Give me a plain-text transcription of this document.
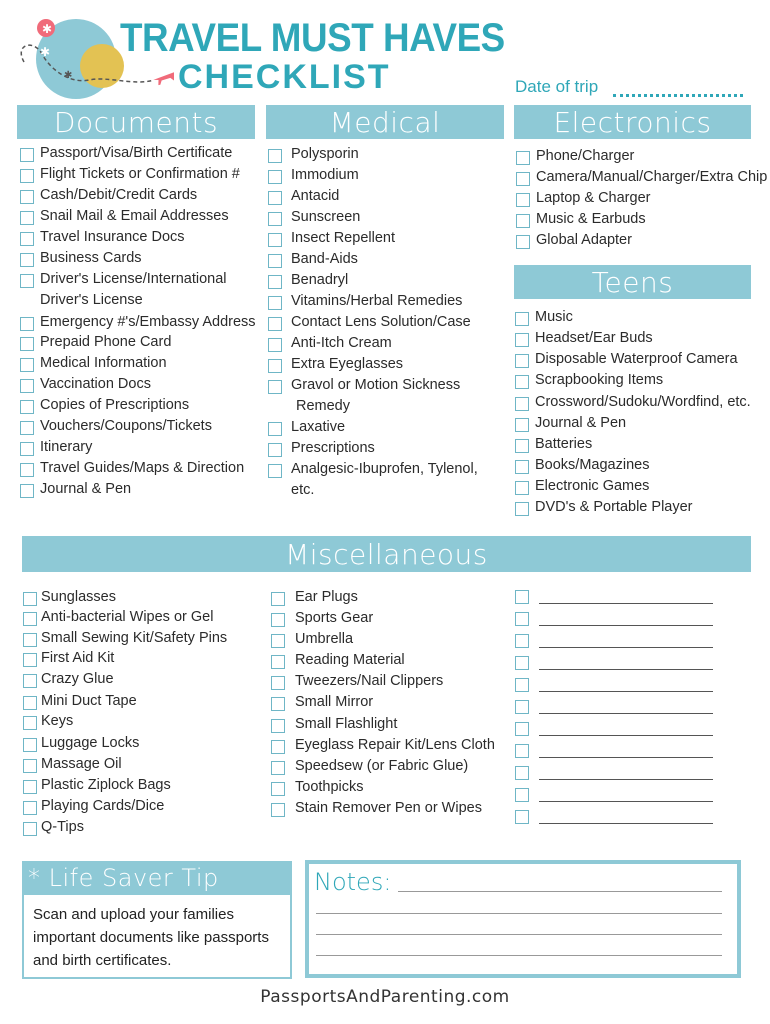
✱
✱
✱
TRAVEL MUST HAVES
CHECKLIST	Date of trip
Documents	Medical	Electronics
Teens
Miscellaneous
Passport/Visa/Birth Certificate
Flight Tickets or Confirmation #
Cash/Debit/Credit Cards
Snail Mail & Email Addresses
Travel Insurance Docs
Business Cards
Driver's License/International
Emergency #'s/Embassy Address
Prepaid Phone Card
Medical Information
Vaccination Docs
Copies of Prescriptions
Vouchers/Coupons/Tickets
Itinerary
Travel Guides/Maps & Direction
Journal & Pen
Polysporin
Immodium
Antacid
Sunscreen
Insect Repellent
Band-Aids
Benadryl
Vitamins/Herbal Remedies
Contact Lens Solution/Case
Anti-Itch Cream
Extra Eyeglasses
Gravol or Motion Sickness
Laxative
Prescriptions
Analgesic-Ibuprofen, Tylenol,
Phone/Charger
Camera/Manual/Charger/Extra Chip
Laptop & Charger
Music & Earbuds
Global Adapter
Music
Headset/Ear Buds
Disposable Waterproof Camera
Scrapbooking Items
Crossword/Sudoku/Wordfind, etc.
Journal & Pen
Batteries
Books/Magazines
Electronic Games
DVD's & Portable Player
Sunglasses
Anti-bacterial Wipes or Gel
Small Sewing Kit/Safety Pins
First Aid Kit
Crazy Glue
Mini Duct Tape
Keys
Luggage Locks
Massage Oil
Plastic Ziplock Bags
Playing Cards/Dice
Q-Tips
Ear Plugs
Sports Gear
Umbrella
Reading Material
Tweezers/Nail Clippers
Small Mirror
Small Flashlight
Eyeglass Repair Kit/Lens Cloth
Speedsew (or Fabric Glue)
Toothpicks
Stain Remover Pen or Wipes
Driver's License
Remedy
etc.
* Life Saver Tip
Scan and upload your families
important documents like passports
and birth certificates.
Notes:
PassportsAndParenting.com
